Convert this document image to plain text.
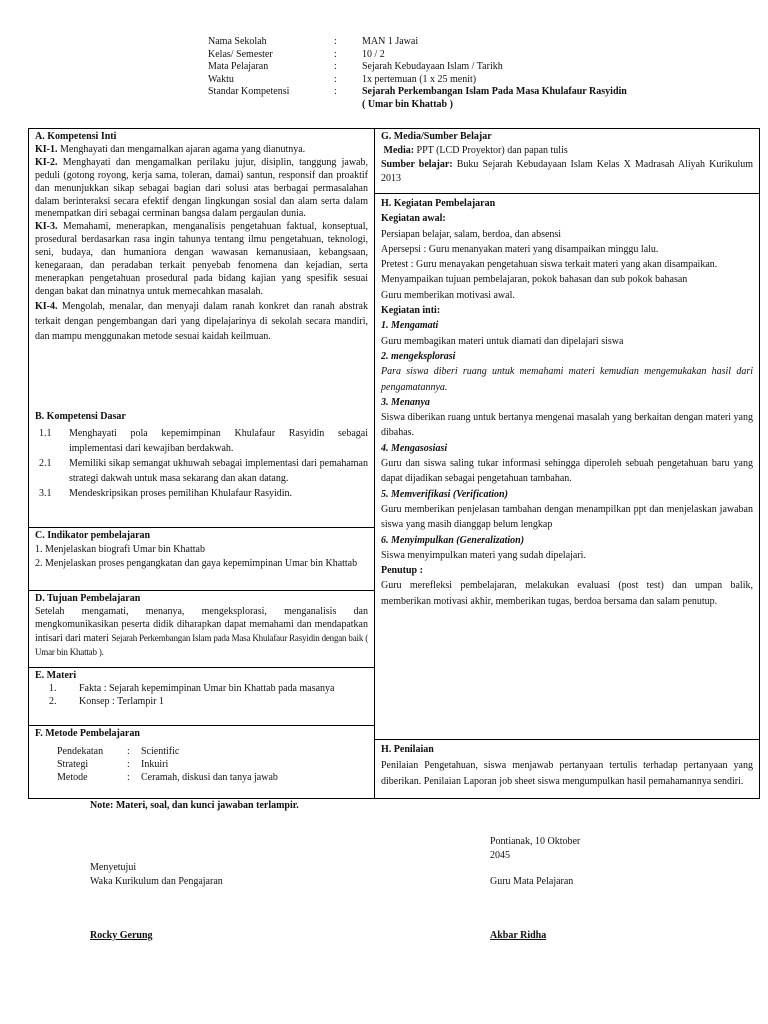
Nama Sekolah	:	MAN 1 Jawai
Kelas/ Semester	:	10 / 2
Mata Pelajaran	:	Sejarah Kebudayaan Islam / Tarikh
Waktu	:	1x pertemuan (1 x 25 menit)
Standar Kompetensi	:	Sejarah Perkembangan Islam Pada Masa Khulafaur Rasyidin
( Umar bin Khattab )
A. Kompetensi Inti
KI-1. Menghayati dan mengamalkan ajaran agama yang dianutnya.
KI-2. Menghayati dan mengamalkan perilaku jujur, disiplin, tanggung jawab, peduli (gotong royong, kerja sama, toleran, damai) santun, responsif dan proaktif dan menunjukkan sikap sebagai bagian dari solusi atas berbagai permasalahan dalam berinteraksi secara efektif dengan lingkungan sosial dan alam serta dalam menempatkan diri sebagai cerminan bangsa dalam pergaulan dunia.
KI-3. Memahami, menerapkan, menganalisis pengetahuan faktual, konseptual, prosedural berdasarkan rasa ingin tahunya tentang ilmu pengetahuan, teknologi, seni, budaya, dan humaniora dengan wawasan kemanusiaan, kebangsaan, kenegaraan, dan peradaban terkait penyebab fenomena dan kejadian, serta menerapkan pengetahuan prosedural pada bidang kajian yang spesifik sesuai dengan bakat dan minatnya untuk memecahkan masalah.
KI-4. Mengolah, menalar, dan menyaji dalam ranah konkret dan ranah abstrak terkait dengan pengembangan dari yang dipelajarinya di sekolah secara mandiri, dan mampu menggunakan metode sesuai kaidah keilmuan.
B. Kompetensi Dasar
1.1	Menghayati pola kepemimpinan Khulafaur Rasyidin sebagai implementasi dari kewajiban berdakwah.
2.1	Memiliki sikap semangat ukhuwah sebagai implementasi dari pemahaman strategi dakwah untuk masa sekarang dan akan datang.
3.1	Mendeskripsikan proses pemilihan Khulafaur Rasyidin.
C. Indikator pembelajaran
1. Menjelaskan biografi Umar bin Khattab
2. Menjelaskan proses pengangkatan dan gaya kepemimpinan Umar bin Khattab
D. Tujuan Pembelajaran
Setelah mengamati, menanya, mengeksplorasi, menganalisis dan mengkomunikasikan peserta didik diharapkan dapat memahami dan mendapatkan intisari dari materi Sejarah Perkembangan Islam pada Masa Khulafaur Rasyidin dengan baik ( Umar bin Khattab ).
E. Materi
1.	Fakta : Sejarah kepemimpinan Umar bin Khattab pada masanya
2.	Konsep : Terlampir 1
F. Metode Pembelajaran
Pendekatan	:	Scientific
Strategi	:	Inkuiri
Metode	:	Ceramah, diskusi dan tanya jawab
G. Media/Sumber Belajar
Media: PPT (LCD Proyektor) dan papan tulis
Sumber belajar: Buku Sejarah Kebudayaan Islam Kelas X Madrasah Aliyah Kurikulum 2013
H. Kegiatan Pembelajaran
Kegiatan awal:
Persiapan belajar, salam, berdoa, dan absensi
Apersepsi : Guru menanyakan materi yang disampaikan minggu lalu.
Pretest : Guru menayakan pengetahuan siswa terkait materi yang akan disampaikan.
Menyampaikan tujuan pembelajaran, pokok bahasan dan sub pokok bahasan
Guru memberikan motivasi awal.
Kegiatan inti:
1. Mengamati
Guru membagikan materi untuk diamati dan dipelajari siswa
2. mengeksplorasi
Para siswa diberi ruang untuk memahami materi kemudian mengemukakan hasil dari pengamatannya.
3. Menanya
Siswa diberikan ruang untuk bertanya mengenai masalah yang berkaitan dengan materi yang dibahas.
4. Mengasosiasi
Guru dan siswa saling tukar informasi sehingga diperoleh sebuah pengetahuan baru yang dapat dijadikan sebagai pengetahuan tambahan.
5. Memverifikasi (Verification)
Guru memberikan penjelasan tambahan dengan menampilkan ppt dan menjelaskan jawaban siswa yang masih dianggap belum lengkap
6. Menyimpulkan (Generalization)
Siswa menyimpulkan materi yang sudah dipelajari.
Penutup :
Guru merefleksi pembelajaran, melakukan evaluasi (post test) dan umpan balik, memberikan motivasi akhir, memberikan tugas, berdoa bersama dan salam penutup.
H. Penilaian
Penilaian Pengetahuan, siswa menjawab pertanyaan tertulis terhadap pertanyaan yang diberikan. Penilaian Laporan job sheet siswa mengumpulkan hasil pemahamannya sendiri.
Note: Materi, soal, dan kunci jawaban terlampir.
Pontianak, 10 Oktober
2045
Menyetujui
Waka Kurikulum dan Pengajaran	Guru Mata Pelajaran
Rocky Gerung	Akbar Ridha
